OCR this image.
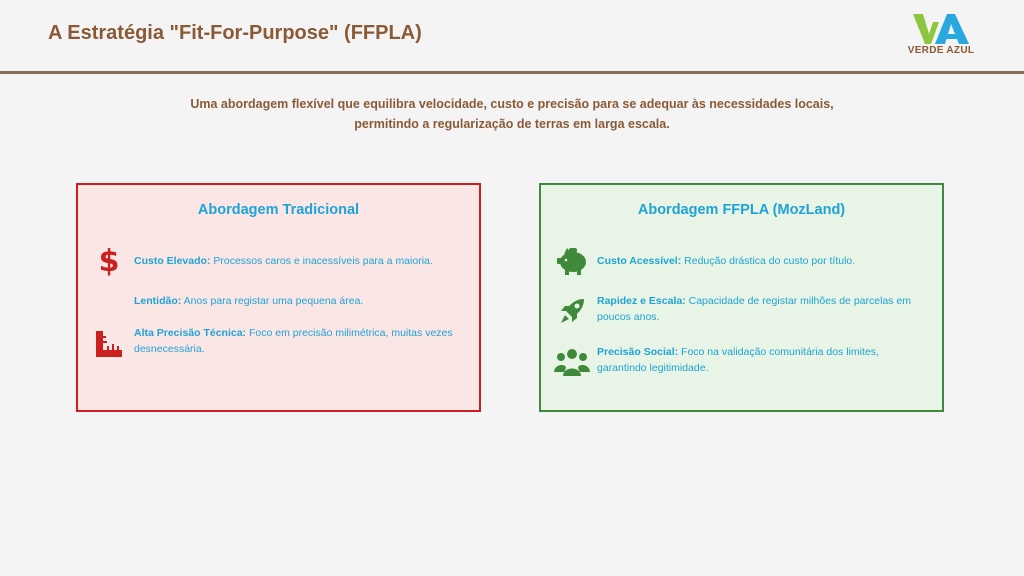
A Estratégia "Fit-For-Purpose" (FFPLA)
VERDE AZUL
Uma abordagem flexível que equilibra velocidade, custo e precisão para se adequar às necessidades locais,
permitindo a regularização de terras em larga escala.
Abordagem Tradicional
$ Custo Elevado: Processos caros e inacessíveis para a maioria.
Lentidão: Anos para registar uma pequena área.
Alta Precisão Técnica: Foco em precisão milimétrica, muitas vezes desnecessária.
Abordagem FFPLA (MozLand)
Custo Acessível: Redução drástica do custo por título.
Rapidez e Escala: Capacidade de registar milhões de parcelas em poucos anos.
Precisão Social: Foco na validação comunitária dos limites, garantindo legitimidade.
